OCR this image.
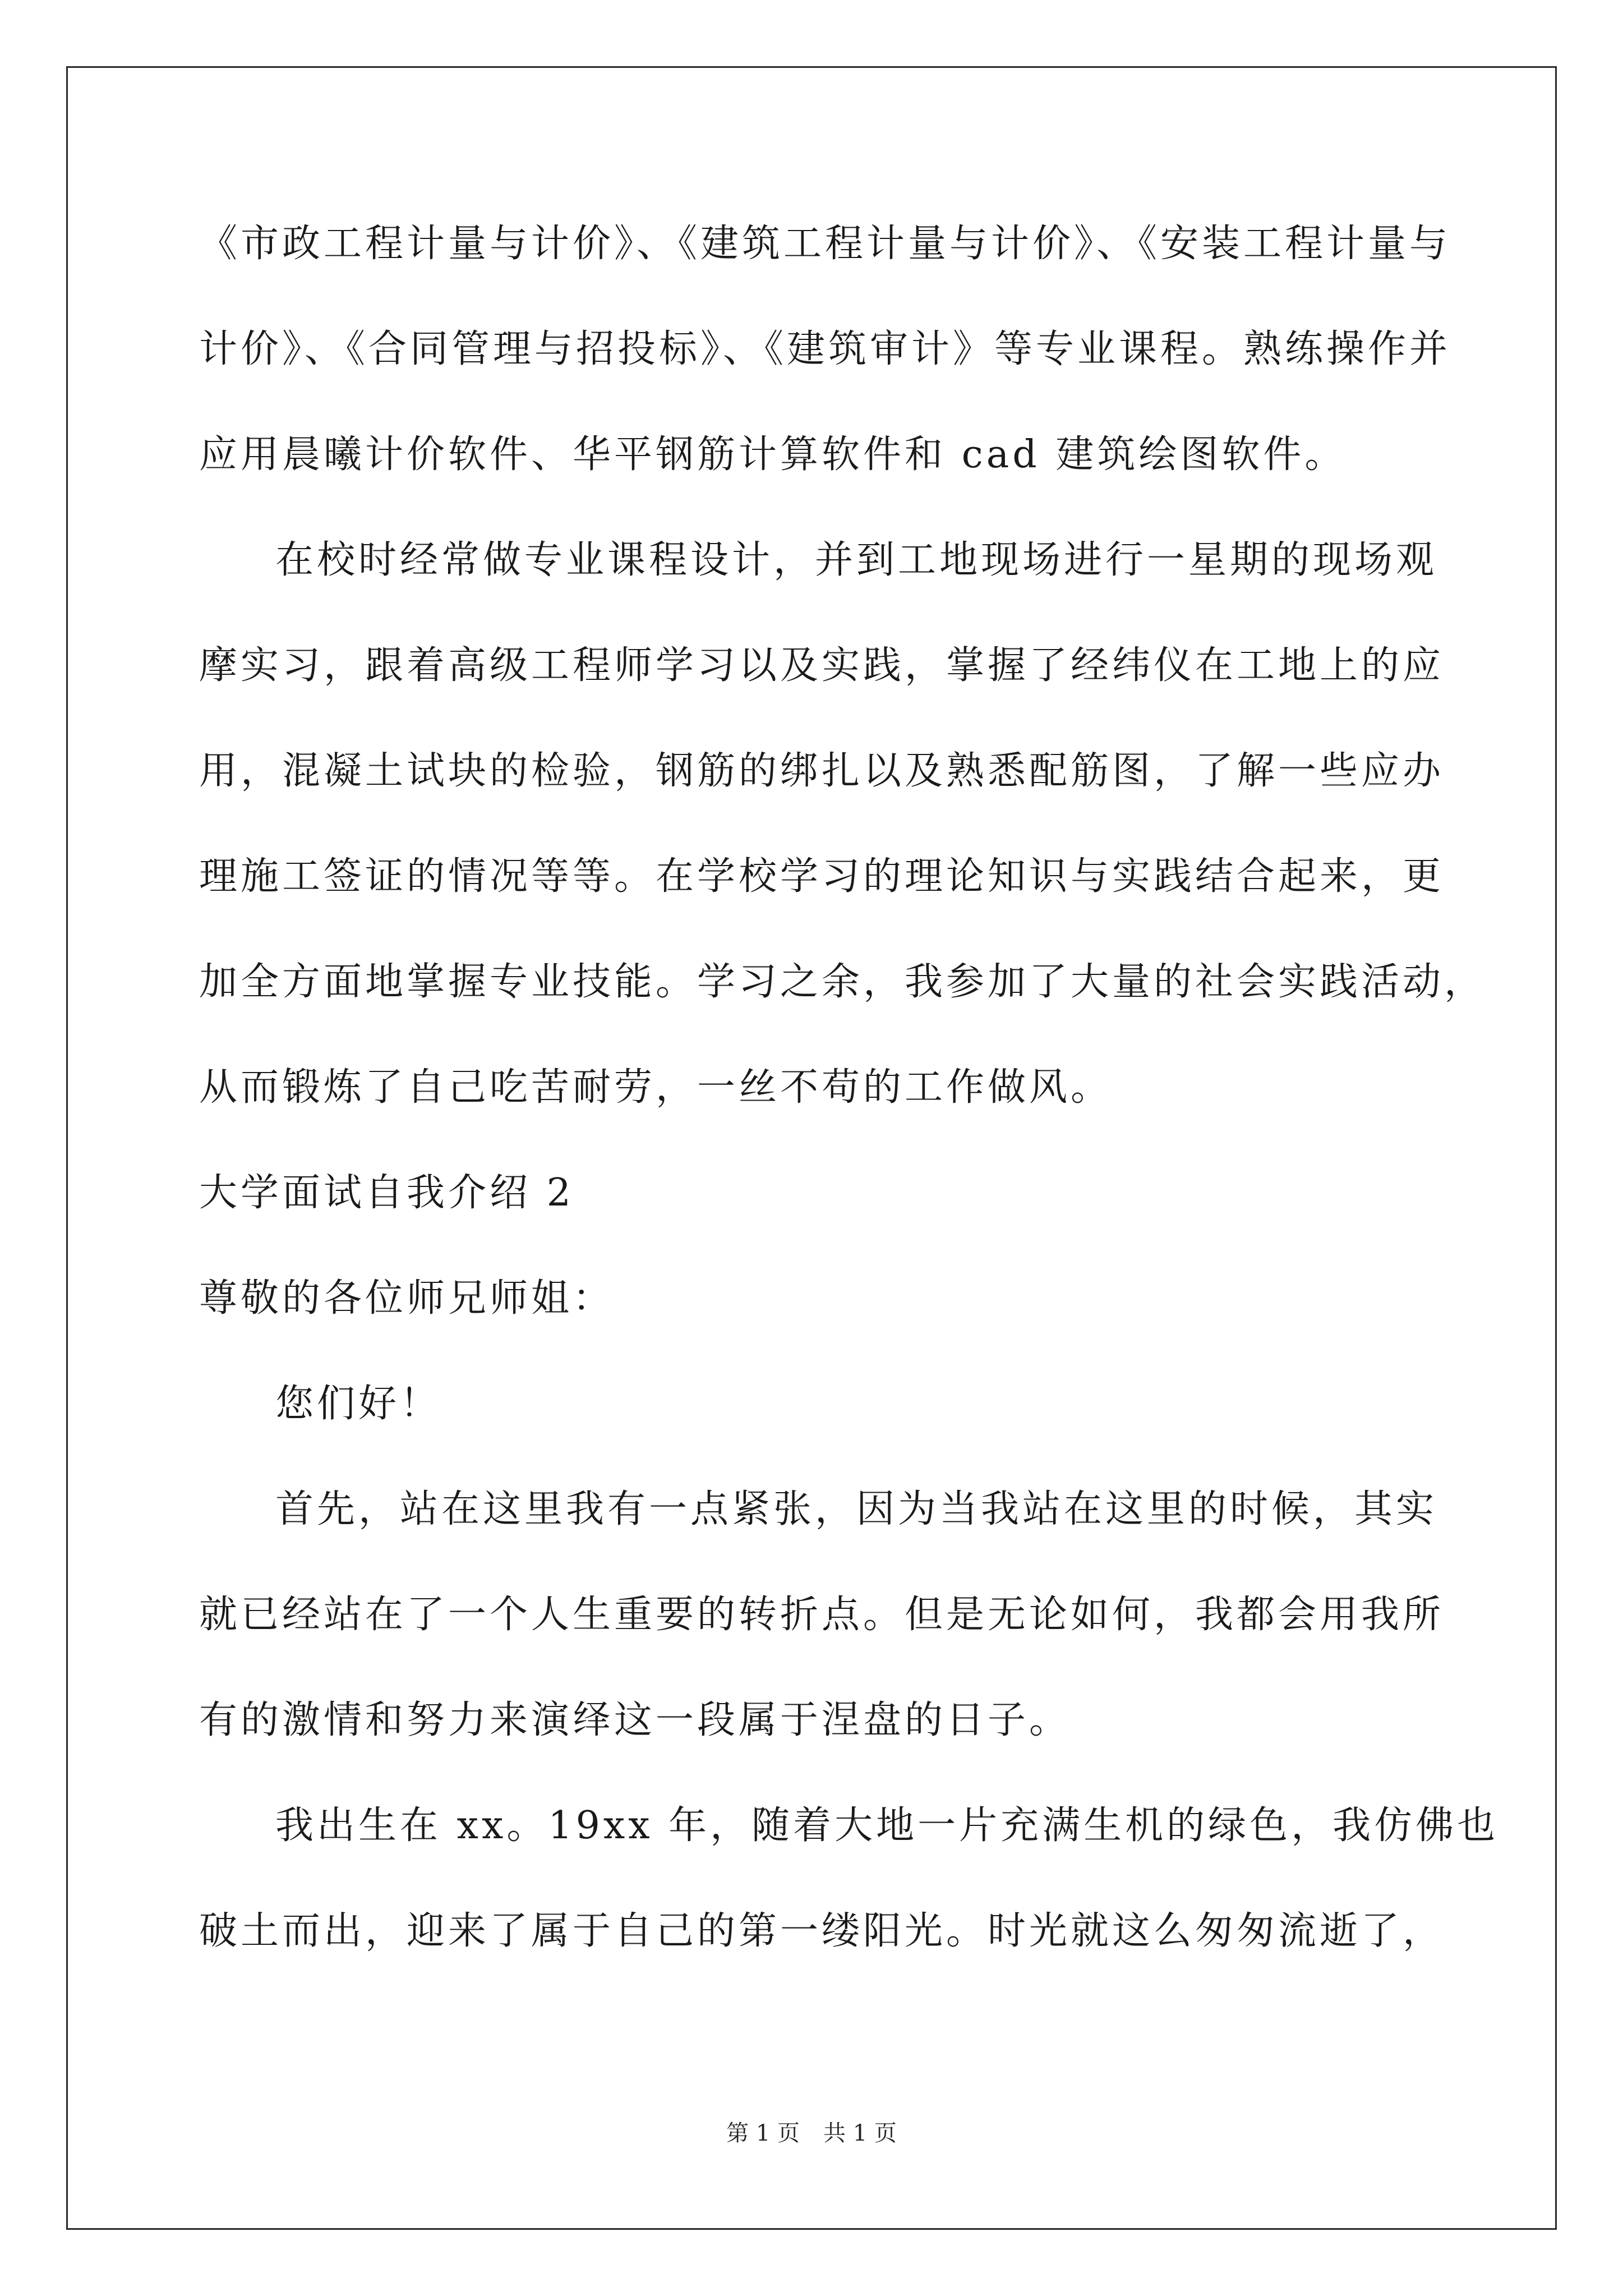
《市政工程计量与计价》、《建筑工程计量与计价》、《安装工程计量与
计价》、《合同管理与招投标》、《建筑审计》等专业课程。熟练操作并
应用晨曦计价软件、华平钢筋计算软件和 cad 建筑绘图软件。
在校时经常做专业课程设计，并到工地现场进行一星期的现场观
摩实习，跟着高级工程师学习以及实践，掌握了经纬仪在工地上的应
用，混凝土试块的检验，钢筋的绑扎以及熟悉配筋图，了解一些应办
理施工签证的情况等等。在学校学习的理论知识与实践结合起来，更
加全方面地掌握专业技能。学习之余，我参加了大量的社会实践活动，
从而锻炼了自己吃苦耐劳，一丝不苟的工作做风。
大学面试自我介绍 2
尊敬的各位师兄师姐：
您们好！
首先，站在这里我有一点紧张，因为当我站在这里的时候，其实
就已经站在了一个人生重要的转折点。但是无论如何，我都会用我所
有的激情和努力来演绎这一段属于涅盘的日子。
我出生在 xx。19xx 年，随着大地一片充满生机的绿色，我仿佛也
破土而出，迎来了属于自己的第一缕阳光。时光就这么匆匆流逝了，
第 1 页 共 1 页
